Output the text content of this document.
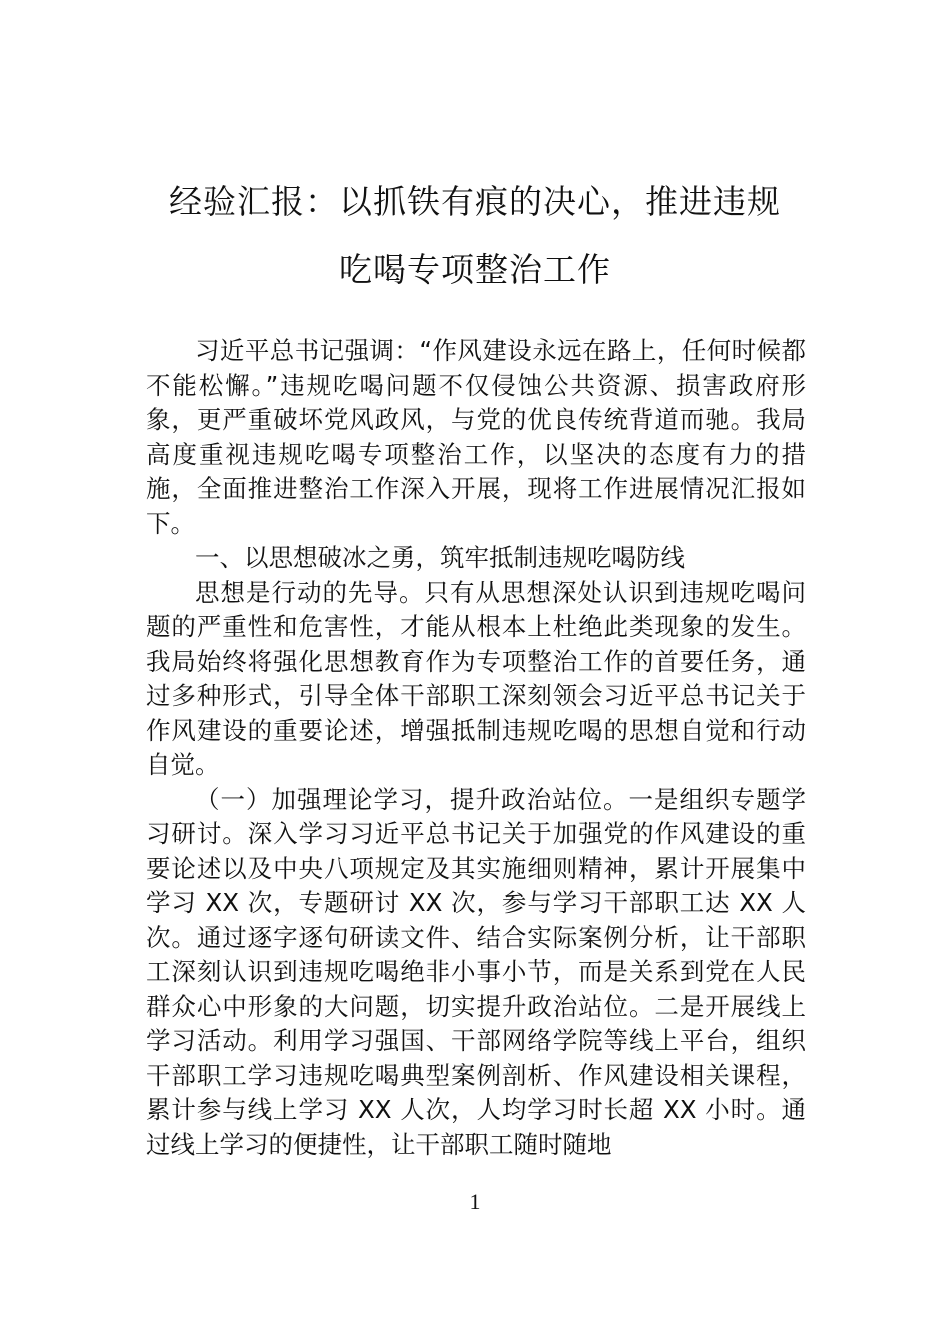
经验汇报：以抓铁有痕的决心，推进违规
吃喝专项整治工作

习近平总书记强调：“作风建设永远在路上，任何时候都不能松懈。”违规吃喝问题不仅侵蚀公共资源、损害政府形象，更严重破坏党风政风，与党的优良传统背道而驰。我局高度重视违规吃喝专项整治工作，以坚决的态度有力的措施，全面推进整治工作深入开展，现将工作进展情况汇报如下。

一、以思想破冰之勇，筑牢抵制违规吃喝防线

思想是行动的先导。只有从思想深处认识到违规吃喝问题的严重性和危害性，才能从根本上杜绝此类现象的发生。我局始终将强化思想教育作为专项整治工作的首要任务，通过多种形式，引导全体干部职工深刻领会习近平总书记关于作风建设的重要论述，增强抵制违规吃喝的思想自觉和行动自觉。

（一）加强理论学习，提升政治站位。一是组织专题学习研讨。深入学习习近平总书记关于加强党的作风建设的重要论述以及中央八项规定及其实施细则精神，累计开展集中学习 XX 次，专题研讨 XX 次，参与学习干部职工达 XX 人次。通过逐字逐句研读文件、结合实际案例分析，让干部职工深刻认识到违规吃喝绝非小事小节，而是关系到党在人民群众心中形象的大问题，切实提升政治站位。二是开展线上学习活动。利用学习强国、干部网络学院等线上平台，组织干部职工学习违规吃喝典型案例剖析、作风建设相关课程，累计参与线上学习 XX 人次，人均学习时长超 XX 小时。通过线上学习的便捷性，让干部职工随时随地

1
